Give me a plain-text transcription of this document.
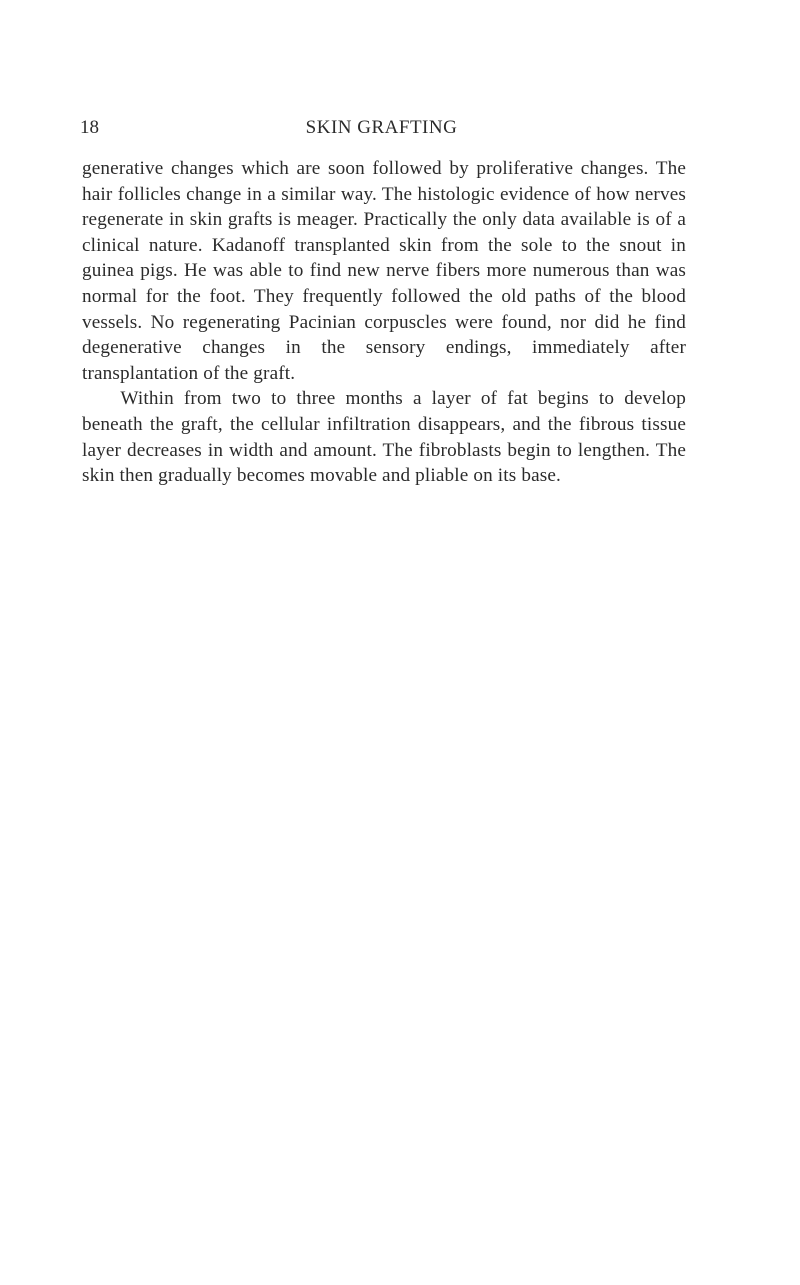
18	SKIN GRAFTING

generative changes which are soon followed by proliferative changes. The hair follicles change in a similar way. The histologic evidence of how nerves regenerate in skin grafts is meager. Practically the only data available is of a clinical nature. Kadanoff transplanted skin from the sole to the snout in guinea pigs. He was able to find new nerve fibers more numerous than was normal for the foot. They frequently followed the old paths of the blood vessels. No regenerating Pacinian corpuscles were found, nor did he find degenerative changes in the sensory endings, immediately after transplantation of the graft.

Within from two to three months a layer of fat begins to develop beneath the graft, the cellular infiltration disappears, and the fibrous tissue layer decreases in width and amount. The fibroblasts begin to lengthen. The skin then gradually becomes movable and pliable on its base.
